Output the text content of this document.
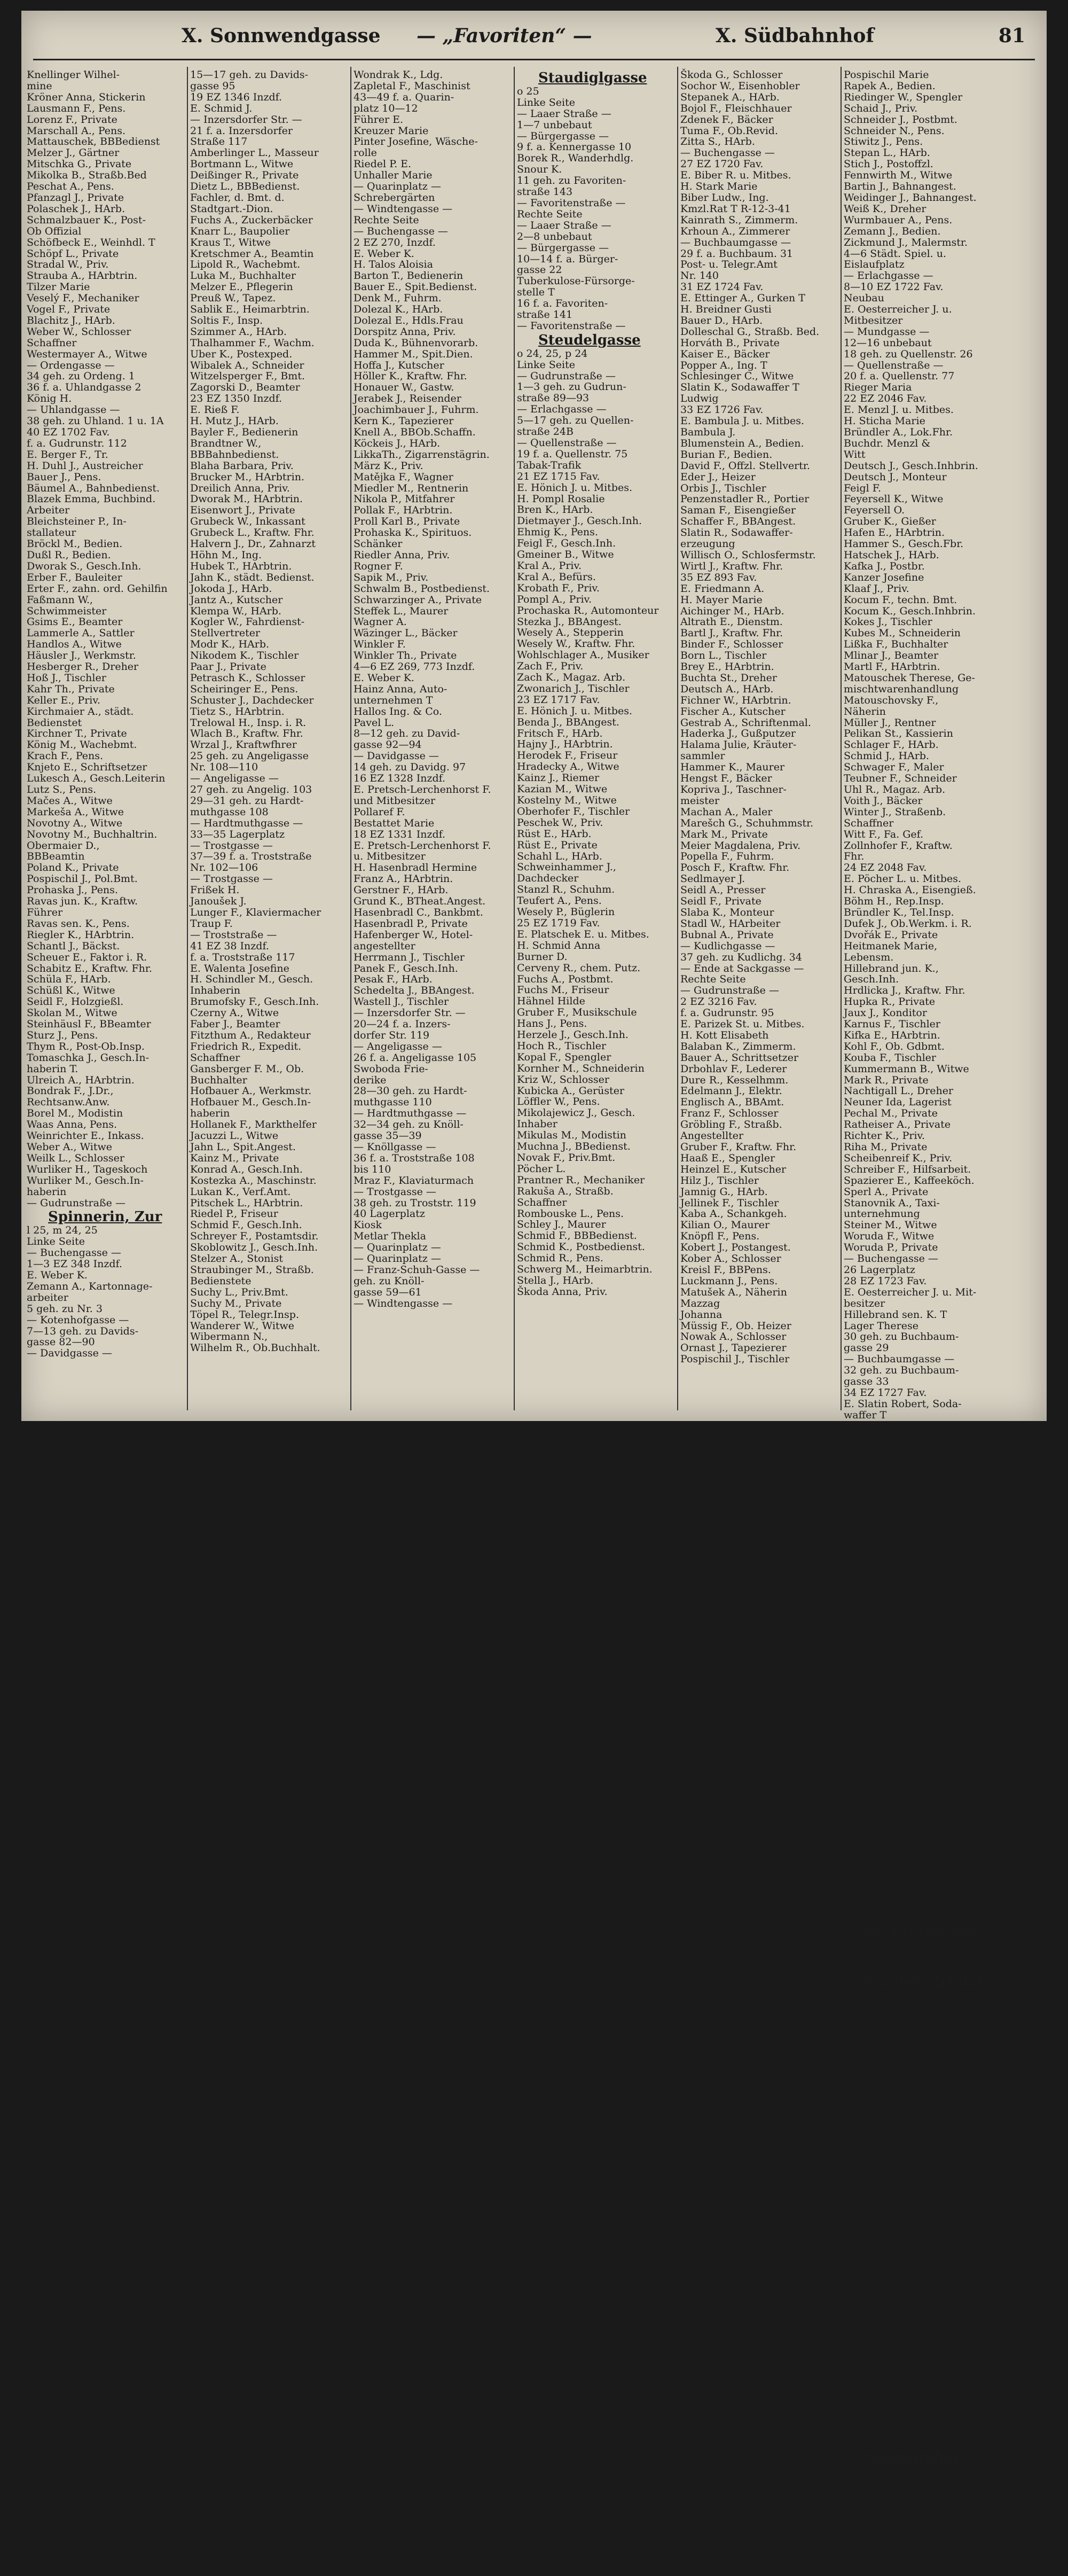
X. Sonnwendgasse — „Favoriten“ —	X. Südbahnhof	81
Knellinger Wilhel-
mine
Kröner Anna, Stickerin
Lausmann F., Pens.
Lorenz F., Private
Marschall A., Pens.
Mattauschek, BBBedienst
Melzer J., Gärtner
Mitschka G., Private
Mikolka B., Straßb.Bed
Peschat A., Pens.
Pfanzagl J., Private
Polaschek J., HArb.
Schmalzbauer K., Post-
Ob Offizial
Schöfbeck E., Weinhdl. T
Schöpf L., Private
Stradal W., Priv.
Strauba A., HArbtrin.
Tilzer Marie
Veselý F., Mechaniker
Vogel F., Private
Blachitz J., HArb.
Weber W., Schlosser
Schaffner
Westermayer A., Witwe
— Ordengasse —
34 geh. zu Ordeng. 1
36 f. a. Uhlandgasse 2
König H.
— Uhlandgasse —
38 geh. zu Uhland. 1 u. 1A
40 EZ 1702 Fav.
f. a. Gudrunstr. 112
E. Berger F., Tr.
H. Duhl J., Austreicher
Bauer J., Pens.
Bäumel A., Bahnbedienst.
Blazek Emma, Buchbind.
Arbeiter
Bleichsteiner P., In-
stallateur
Bröckl M., Bedien.
Dußl R., Bedien.
Dworak S., Gesch.Inh.
Erber F., Bauleiter
Erter F., zahn. ord. Gehilfin
Faßmann W.,
Schwimmeister
Gsims E., Beamter
Lammerle A., Sattler
Handlos A., Witwe
Häusler J., Werkmstr.
Hesberger R., Dreher
Hoß J., Tischler
Kahr Th., Private
Keller E., Priv.
Kirchmaier A., städt.
Bedienstet
Kirchner T., Private
König M., Wachebmt.
Krach F., Pens.
Knjeto E., Schriftsetzer
Lukesch A., Gesch.Leiterin
Lutz S., Pens.
Mačes A., Witwe
Markeša A., Witwe
Novotny A., Witwe
Novotny M., Buchhaltrin.
Obermaier D.,
BBBeamtin
Poland K., Private
Pospischil J., Pol.Bmt.
Prohaska J., Pens.
Ravas jun. K., Kraftw.
Führer
Ravas sen. K., Pens.
Riegler K., HArbtrin.
Schantl J., Bäckst.
Scheuer E., Faktor i. R.
Schabitz E., Kraftw. Fhr.
Schüla F., HArb.
Schüßl K., Witwe
Seidl F., Holzgießl.
Skolan M., Witwe
Steinhäusl F., BBeamter
Sturz J., Pens.
Thym R., Post-Ob.Insp.
Tomaschka J., Gesch.In-
haberin T.
Ulreich A., HArbtrin.
Bondrak F., J.Dr.,
Rechtsanw.Anw.
Borel M., Modistin
Waas Anna, Pens.
Weinrichter E., Inkass.
Weber A., Witwe
Weilk L., Schlosser
Wurliker H., Tageskoch
Wurliker M., Gesch.In-
haberin
— Gudrunstraße —
Spinnerin, Zur
l 25, m 24, 25
Linke Seite
— Buchengasse —
1—3 EZ 348 Inzdf.
E. Weber K.
Zemann A., Kartonnage-
arbeiter
5 geh. zu Nr. 3
— Kotenhofgasse —
7—13 geh. zu Davids-
gasse 82—90
— Davidgasse —
15—17 geh. zu Davids-
gasse 95
19 EZ 1346 Inzdf.
E. Schmid J.
— Inzersdorfer Str. —
21 f. a. Inzersdorfer
Straße 117
Amberlinger L., Masseur
Bortmann L., Witwe
Deißinger R., Private
Dietz L., BBBedienst.
Fachler, d. Bmt. d.
Stadtgart.-Dion.
Fuchs A., Zuckerbäcker
Knarr L., Baupolier
Kraus T., Witwe
Kretschmer A., Beamtin
Lipold R., Wachebmt.
Luka M., Buchhalter
Melzer E., Pflegerin
Preuß W., Tapez.
Sablik E., Heimarbtrin.
Soltis F., Insp.
Szimmer A., HArb.
Thalhammer F., Wachm.
Uber K., Postexped.
Wibalek A., Schneider
Witzelsperger F., Bmt.
Zagorski D., Beamter
23 EZ 1350 Inzdf.
E. Rieß F.
H. Mutz J., HArb.
Bayler F., Bedienerin
Brandtner W.,
BBBahnbedienst.
Blaha Barbara, Priv.
Brucker M., HArbtrin.
Dreilich Anna, Priv.
Dworak M., HArbtrin.
Eisenwort J., Private
Grubeck W., Inkassant
Grubeck L., Kraftw. Fhr.
Halvern J., Dr., Zahnarzt
Höhn M., Ing.
Hubek T., HArbtrin.
Jahn K., städt. Bedienst.
Jokoda J., HArb.
Jantz A., Kutscher
Klempa W., HArb.
Kogler W., Fahrdienst-
Stellvertreter
Modr K., HArb.
Nikodem K., Tischler
Paar J., Private
Petrasch K., Schlosser
Scheiringer E., Pens.
Schuster J., Dachdecker
Tietz S., HArbtrin.
Trelowal H., Insp. i. R.
Wlach B., Kraftw. Fhr.
Wrzal J., Kraftwfhrer
25 geh. zu Angeligasse
Nr. 108—110
— Angeligasse —
27 geh. zu Angelig. 103
29—31 geh. zu Hardt-
muthgasse 108
— Hardtmuthgasse —
33—35 Lagerplatz
— Trostgasse —
37—39 f. a. Troststraße
Nr. 102—106
— Trostgasse —
Frißek H.
Janoušek J.
Lunger F., Klaviermacher
Traup F.
— Troststraße —
41 EZ 38 Inzdf.
f. a. Troststraße 117
E. Walenta Josefine
H. Schindler M., Gesch.
Inhaberin
Brumofsky F., Gesch.Inh.
Czerny A., Witwe
Faber J., Beamter
Fitzthum A., Redakteur
Friedrich R., Expedit.
Schaffner
Gansberger F. M., Ob.
Buchhalter
Hofbauer A., Werkmstr.
Hofbauer M., Gesch.In-
haberin
Hollanek F., Markthelfer
Jacuzzi L., Witwe
Jahn L., Spit.Angest.
Kainz M., Private
Konrad A., Gesch.Inh.
Kostezka A., Maschinstr.
Lukan K., Verf.Amt.
Pitschek L., HArbtrin.
Riedel P., Friseur
Schmid F., Gesch.Inh.
Schreyer F., Postamtsdir.
Skoblowitz J., Gesch.Inh.
Stelzer A., Stonist
Straubinger M., Straßb.
Bedienstete
Suchy L., Priv.Bmt.
Suchy M., Private
Töpel R., Telegr.Insp.
Wanderer W., Witwe
Wibermann N.,
Wilhelm R., Ob.Buchhalt.
Wondrak K., Ldg.
Zapletal F., Maschinist
43—49 f. a. Quarin-
platz 10—12
Führer E.
Kreuzer Marie
Pinter Josefine, Wäsche-
rolle
Riedel P. E.
Unhaller Marie
— Quarinplatz —
Schrebergärten
— Windtengasse —
Rechte Seite
— Buchengasse —
2 EZ 270, Inzdf.
E. Weber K.
H. Talos Aloisia
Barton T., Bedienerin
Bauer E., Spit.Bedienst.
Denk M., Fuhrm.
Dolezal K., HArb.
Dolezal E., Hdls.Frau
Dorspitz Anna, Priv.
Duda K., Bühnenvorarb.
Hammer M., Spit.Dien.
Hoffa J., Kutscher
Höller K., Kraftw. Fhr.
Honauer W., Gastw.
Jerabek J., Reisender
Joachimbauer J., Fuhrm.
Kern K., Tapezierer
Knell A., BBOb.Schaffn.
Köckeis J., HArb.
LikkaTh., Zigarrenstägrin.
März K., Priv.
Matějka F., Wagner
Miedler M., Rentnerin
Nikola P., Mitfahrer
Pollak F., HArbtrin.
Proll Karl B., Private
Prohaska K., Spirituos.
Schänker
Riedler Anna, Priv.
Rogner F.
Sapik M., Priv.
Schwalm B., Postbedienst.
Schwarzinger A., Private
Steffek L., Maurer
Wagner A.
Wäzinger L., Bäcker
Winkler F.
Winkler Th., Private
4—6 EZ 269, 773 Inzdf.
E. Weber K.
Hainz Anna, Auto-
unternehmen T
Hallos Ing. & Co.
Pavel L.
8—12 geh. zu David-
gasse 92—94
— Davidgasse —
14 geh. zu Davidg. 97
16 EZ 1328 Inzdf.
E. Pretsch-Lerchenhorst F.
und Mitbesitzer
Pollaref F.
Bestattet Marie
18 EZ 1331 Inzdf.
E. Pretsch-Lerchenhorst F.
u. Mitbesitzer
H. Hasenbradl Hermine
Franz A., HArbtrin.
Gerstner F., HArb.
Grund K., BTheat.Angest.
Hasenbradl C., Bankbmt.
Hasenbradl P., Private
Hafenberger W., Hotel-
angestellter
Herrmann J., Tischler
Panek F., Gesch.Inh.
Pesak F., HArb.
Schedelta J., BBAngest.
Wastell J., Tischler
— Inzersdorfer Str. —
20—24 f. a. Inzers-
dorfer Str. 119
— Angeligasse —
26 f. a. Angeligasse 105
Swoboda Frie-
derike
28—30 geh. zu Hardt-
muthgasse 110
— Hardtmuthgasse —
32—34 geh. zu Knöll-
gasse 35—39
— Knöllgasse —
36 f. a. Troststraße 108
bis 110
Mraz F., Klaviaturmach
— Trostgasse —
38 geh. zu Troststr. 119
40 Lagerplatz
Kiosk
Metlar Thekla
— Quarinplatz —
— Quarinplatz —
— Franz-Schuh-Gasse —
geh. zu Knöll-
gasse 59—61
— Windtengasse —
Staudiglgasse
o 25
Linke Seite
— Laaer Straße —
1—7 unbebaut
— Bürgergasse —
9 f. a. Kennergasse 10
Borek R., Wanderhdlg.
Snour K.
11 geh. zu Favoriten-
straße 143
— Favoritenstraße —
Rechte Seite
— Laaer Straße —
2—8 unbebaut
— Bürgergasse —
10—14 f. a. Bürger-
gasse 22
Tuberkulose-Fürsorge-
stelle T
16 f. a. Favoriten-
straße 141
— Favoritenstraße —
Steudelgasse
o 24, 25, p 24
Linke Seite
— Gudrunstraße —
1—3 geh. zu Gudrun-
straße 89—93
— Erlachgasse —
5—17 geh. zu Quellen-
straße 24B
— Quellenstraße —
19 f. a. Quellenstr. 75
Tabak-Trafik
21 EZ 1715 Fav.
E. Hönich J. u. Mitbes.
H. Pompl Rosalie
Bren K., HArb.
Dietmayer J., Gesch.Inh.
Ehmig K., Pens.
Feigl F., Gesch.Inh.
Gmeiner B., Witwe
Kral A., Priv.
Kral A., Befürs.
Krobath F., Priv.
Pompl A., Priv.
Prochaska R., Automonteur
Stezka J., BBAngest.
Wesely A., Stepperin
Wesely W., Kraftw. Fhr.
Wohlschlager A., Musiker
Zach F., Priv.
Zach K., Magaz. Arb.
Zwonarich J., Tischler
23 EZ 1717 Fav.
E. Hönich J. u. Mitbes.
Benda J., BBAngest.
Fritsch F., HArb.
Hajny J., HArbtrin.
Herodek F., Friseur
Hradecky A., Witwe
Kainz J., Riemer
Kazian M., Witwe
Kostelny M., Witwe
Oberhofer F., Tischler
Peschek W., Priv.
Rüst E., HArb.
Rüst E., Private
Schahl L., HArb.
Schweinhammer J.,
Dachdecker
Stanzl R., Schuhm.
Teufert A., Pens.
Wesely P., Büglerin
25 EZ 1719 Fav.
E. Platschek E. u. Mitbes.
H. Schmid Anna
Burner D.
Cerveny R., chem. Putz.
Fuchs A., Postbmt.
Fuchs M., Friseur
Hähnel Hilde
Gruber F., Musikschule
Hans J., Pens.
Herzele J., Gesch.Inh.
Hoch R., Tischler
Kopal F., Spengler
Kornher M., Schneiderin
Kriz W., Schlosser
Kubicka A., Gerüster
Löffler W., Pens.
Mikolajewicz J., Gesch.
Inhaber
Mikulas M., Modistin
Muchna J., BBedienst.
Novak F., Priv.Bmt.
Pöcher L.
Prantner R., Mechaniker
Rakuša A., Straßb.
Schaffner
Rombouske L., Pens.
Schley J., Maurer
Schmid F., BBBedienst.
Schmid K., Postbedienst.
Schmid R., Pens.
Schwerg M., Heimarbtrin.
Stella J., HArb.
Škoda Anna, Priv.
Škoda G., Schlosser
Sochor W., Eisenhobler
Stepanek A., HArb.
Bojol F., Fleischhauer
Zdenek F., Bäcker
Tuma F., Ob.Revid.
Zitta S., HArb.
— Buchengasse —
27 EZ 1720 Fav.
E. Biber R. u. Mitbes.
H. Stark Marie
Biber Ludw., Ing.
Kmzl.Rat T R-12-3-41
Kainrath S., Zimmerm.
Krhoun A., Zimmerer
— Buchbaumgasse —
29 f. a. Buchbaum. 31
Post- u. Telegr.Amt
Nr. 140
31 EZ 1724 Fav.
E. Ettinger A., Gurken T
H. Breidner Gusti
Bauer D., HArb.
Dolleschal G., Straßb. Bed.
Horváth B., Private
Kaiser E., Bäcker
Popper A., Ing. T
Schlesinger C., Witwe
Slatin K., Sodawaffer T
Ludwig
33 EZ 1726 Fav.
E. Bambula J. u. Mitbes.
Bambula J.
Blumenstein A., Bedien.
Burian F., Bedien.
David F., Offzl. Stellvertr.
Eder J., Heizer
Orbis J., Tischler
Penzenstadler R., Portier
Saman F., Eisengießer
Schaffer F., BBAngest.
Slatin R., Sodawaffer-
erzeugung
Willisch O., Schlosfermstr.
Wirtl J., Kraftw. Fhr.
35 EZ 893 Fav.
E. Friedmann A.
H. Mayer Marie
Aichinger M., HArb.
Altrath E., Dienstm.
Bartl J., Kraftw. Fhr.
Binder F., Schlosser
Born L., Tischler
Brey E., HArbtrin.
Buchta St., Dreher
Deutsch A., HArb.
Fichner W., HArbtrin.
Fischer A., Kutscher
Gestrab A., Schriftenmal.
Haderka J., Gußputzer
Halama Julie, Kräuter-
sammler
Hammer K., Maurer
Hengst F., Bäcker
Kopriva J., Taschner-
meister
Machan A., Maler
Marešch G., Schuhmmstr.
Mark M., Private
Meier Magdalena, Priv.
Popella F., Fuhrm.
Posch F., Kraftw. Fhr.
Sedlmayer J.
Seidl A., Presser
Seidl F., Private
Slaba K., Monteur
Stadl W., HArbeiter
Bubnal A., Private
— Kudlichgasse —
37 geh. zu Kudlichg. 34
— Ende at Sackgasse —
Rechte Seite
— Gudrunstraße —
2 EZ 3216 Fav.
f. a. Gudrunstr. 95
E. Parizek St. u. Mitbes.
H. Kott Elisabeth
Balaban K., Zimmerm.
Bauer A., Schrittsetzer
Drbohlav F., Lederer
Dure R., Kesselhmm.
Edelmann J., Elektr.
Englisch A., BBAmt.
Franz F., Schlosser
Gröbling F., Straßb.
Angestellter
Gruber F., Kraftw. Fhr.
Haaß E., Spengler
Heinzel E., Kutscher
Hilz J., Tischler
Jamnig G., HArb.
Jellinek F., Tischler
Kaba A., Schankgeh.
Kilian O., Maurer
Knöpfl F., Pens.
Kobert J., Postangest.
Kober A., Schlosser
Kreisl F., BBPens.
Luckmann J., Pens.
Matušek A., Näherin
Mazzag
Johanna
Müssig F., Ob. Heizer
Nowak A., Schlosser
Ornast J., Tapezierer
Pospischil J., Tischler
Pospischil Marie
Rapek A., Bedien.
Riedinger W., Spengler
Schaid J., Priv.
Schneider J., Postbmt.
Schneider N., Pens.
Stiwitz J., Pens.
Stepan L., HArb.
Stich J., Postoffzl.
Fennwirth M., Witwe
Bartin J., Bahnangest.
Weidinger J., Bahnangest.
Weiß K., Dreher
Wurmbauer A., Pens.
Zemann J., Bedien.
Zickmund J., Malermstr.
4—6 Städt. Spiel. u.
Eislaufplatz
— Erlachgasse —
8—10 EZ 1722 Fav.
Neubau
E. Oesterreicher J. u.
Mitbesitzer
— Mundgasse —
12—16 unbebaut
18 geh. zu Quellenstr. 26
— Quellenstraße —
20 f. a. Quellenstr. 77
Rieger Maria
22 EZ 2046 Fav.
E. Menzl J. u. Mitbes.
H. Sticha Marie
Bründler A., Lok.Fhr.
Buchdr. Menzl &
Witt
Deutsch J., Gesch.Inhbrin.
Deutsch J., Monteur
Feigl F.
Feyersell K., Witwe
Feyersell O.
Gruber K., Gießer
Hafen E., HArbtrin.
Hammer S., Gesch.Fbr.
Hatschek J., HArb.
Kafka J., Postbr.
Kanzer Josefine
Klaaf J., Priv.
Kocum F., techn. Bmt.
Kocum K., Gesch.Inhbrin.
Kokes J., Tischler
Kubes M., Schneiderin
Lißka F., Buchhalter
Mlinar J., Beamter
Martl F., HArbtrin.
Matouschek Therese, Ge-
mischtwarenhandlung
Matouschovsky F.,
Näherin
Müller J., Rentner
Pelikan St., Kassierin
Schlager F., HArb.
Schmid J., HArb.
Schwager F., Maler
Teubner F., Schneider
Uhl R., Magaz. Arb.
Voith J., Bäcker
Winter J., Straßenb.
Schaffner
Witt F., Fa. Gef.
Zollnhofer F., Kraftw.
Fhr.
24 EZ 2048 Fav.
E. Pöcher L. u. Mitbes.
H. Chraska A., Eisengieß.
Böhm H., Rep.Insp.
Bründler K., Tel.Insp.
Dufek J., Ob.Werkm. i. R.
Dvořák E., Private
Heitmanek Marie,
Lebensm.
Hillebrand jun. K.,
Gesch.Inh.
Hrdlicka J., Kraftw. Fhr.
Hupka R., Private
Jaux J., Konditor
Karnus F., Tischler
Kifka E., HArbtrin.
Kohl F., Ob. Gdbmt.
Kouba F., Tischler
Kummermann B., Witwe
Mark R., Private
Nachtigall L., Dreher
Neuner Ida, Lagerist
Pechal M., Private
Ratheiser A., Private
Richter K., Priv.
Riha M., Private
Scheibenreif K., Priv.
Schreiber F., Hilfsarbeit.
Spazierer E., Kaffeeköch.
Sperl A., Private
Stanovnik A., Taxi-
unternehmung
Steiner M., Witwe
Woruda F., Witwe
Woruda P., Private
— Buchengasse —
26 Lagerplatz
28 EZ 1723 Fav.
E. Oesterreicher J. u. Mit-
besitzer
Hillebrand sen. K. T
Lager Therese
30 geh. zu Buchbaum-
gasse 29
— Buchbaumgasse —
32 geh. zu Buchbaum-
gasse 33
34 EZ 1727 Fav.
E. Slatin Robert, Soda-
waffer T
36 EZ 1728 Fav.
E. Summerer F. (V. Ob.
Amtshausg. 10—12)
und Mitbesitzer
H. Mlada Rosa
Armann Johanna, HArb.
Balek K., Priv.
Breichner T., HArbtrin.
Cerny F., Private
Cerwenka F., Installat.
Toubek A., Fliesenleger
Dubanowsky F., HArb.
Fleischmann F., Maurer
Geyer K., HArb.
Grünberger M., Bor-
richterin
Haas W., HArb.
Hruby J., Gußputzer
Hulla Josefine
Jirowsky A., Maurer
Klaba K., Mechaniker
Kriseck F., Kutscher
Lang Marie, Zeitungs-
austrägerin
Mladý L., Kraftw. Fhr.
Pozdimek sen. F.
Rakovič Anna, Alters-
rentnerin
Rathay J., Monteur
Simka K., Witwe
Stadler G., HArb.
Trnka M., Private
Wachelhofer F., Glas-
macher
Wagner J., Priv.
Wokel K., Bedienerin
Wokel F., HArb.
Weinberger K., Hand-
arbeiterin
Wojaczek F., Dachdecker
Wojtech J., HArb.
Wottek F., HArb.
Zaf F., Mechaniker
38 geh. zu Kudlichg. 34
— Kudlichgasse —
Sträußlegasse
o q 24, 25
Projekt. zwisch. Quellen-
straße 9—11
Suchenwirtplatz
o n, o 25
— Angeligasse —
1 EZ 608 Inzdf.
E. Rohlik K. u. Mitbes.
Zirks F., Betr.Leiter
Kohout F., Pens.
Steininger O.
Tichy G., Gesch.Inhaber
2 EZ 607 Inzdf.
Erdreich Johann T
3 EZ 604 Inzdf.
E. Sandrutschiz Melanie
und Mitbesitzer
Schmid A., Gastwirt
— Hardtmuthgasse —
— Senefeldergasse —
4 geh. zu Senefelderg. 68
5 geh. zu Columbusgasse
Nr. 101
— Columbusgasse —
— Hardtmuthgasse —
6—8 geh. zu Angeligasse
Nr. 33—35
— Angeligasse —
— Columbusgasse —
9 EZ 583 Inzdf.
E. Zeuner Aloisia, Witwe,
und Mitbesitzer
Banyai F., Drahtstifte
Weiß F., Pens.
10 EZ 584 Inzdf.
H. Wittek Marie
Bauer Marie
Buhr O., Bmt. T
Kik K., Private
Raich F., Kraftw. Führ.
Raich Marie
Simon J., Verkehrsfhr.
Supka A., Tischler
Supka F., Dreher
— Senefeldergasse —
Südbahnhof
o 22
f. a. unt. Ghegaplatz 3—6
— Zugang vom Ghega-
platz —
Buck Erna
Insel's G. Söhne T
Rath Albine T
Wien-Pottendorf-Wr.
Neustädter-Bahn
Abfahrt
